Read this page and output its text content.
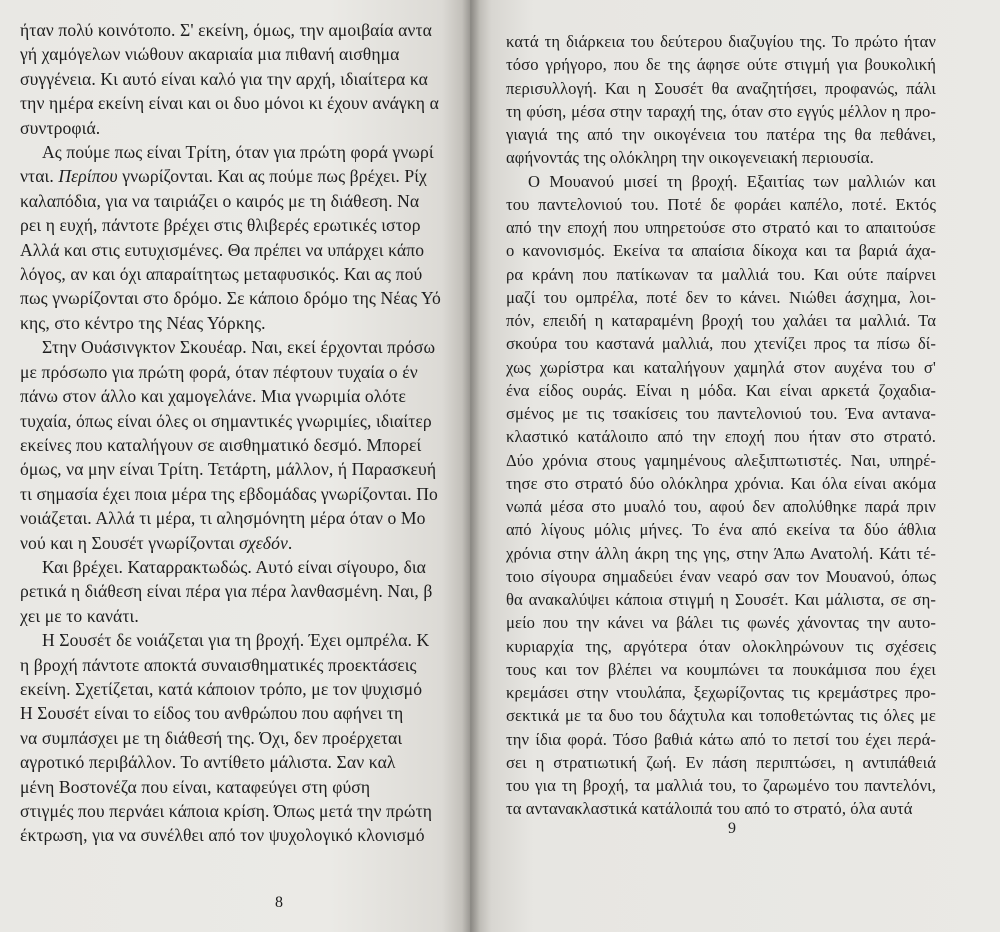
ήταν πολύ κοινότοπο. Σ' εκείνη, όμως, την αμοιβαία αντα
γή χαμόγελων νιώθουν ακαριαία μια πιθανή αισθημα
συγγένεια. Κι αυτό είναι καλό για την αρχή, ιδιαίτερα κα
την ημέρα εκείνη είναι και οι δυο μόνοι κι έχουν ανάγκη α
συντροφιά.
Ας πούμε πως είναι Τρίτη, όταν για πρώτη φορά γνωρί
νται. Περίπου γνωρίζονται. Και ας πούμε πως βρέχει. Ρίχ
καλαπόδια, για να ταιριάζει ο καιρός με τη διάθεση. Να
ρει η ευχή, πάντοτε βρέχει στις θλιβερές ερωτικές ιστορ
Αλλά και στις ευτυχισμένες. Θα πρέπει να υπάρχει κάπο
λόγος, αν και όχι απαραίτητως μεταφυσικός. Και ας πού
πως γνωρίζονται στο δρόμο. Σε κάποιο δρόμο της Νέας Υό
κης, στο κέντρο της Νέας Υόρκης.
Στην Ουάσινγκτον Σκουέαρ. Ναι, εκεί έρχονται πρόσω
με πρόσωπο για πρώτη φορά, όταν πέφτουν τυχαία ο έν
πάνω στον άλλο και χαμογελάνε. Μια γνωριμία ολότε
τυχαία, όπως είναι όλες οι σημαντικές γνωριμίες, ιδιαίτερ
εκείνες που καταλήγουν σε αισθηματικό δεσμό. Μπορεί
όμως, να μην είναι Τρίτη. Τετάρτη, μάλλον, ή Παρασκευή
τι σημασία έχει ποια μέρα της εβδομάδας γνωρίζονται. Πο
νοιάζεται. Αλλά τι μέρα, τι αλησμόνητη μέρα όταν ο Μο
νού και η Σουσέτ γνωρίζονται σχεδόν.
Και βρέχει. Καταρρακτωδώς. Αυτό είναι σίγουρο, δια
ρετικά η διάθεση είναι πέρα για πέρα λανθασμένη. Ναι, β
χει με το κανάτι.
Η Σουσέτ δε νοιάζεται για τη βροχή. Έχει ομπρέλα. Κ
η βροχή πάντοτε αποκτά συναισθηματικές προεκτάσεις
εκείνη. Σχετίζεται, κατά κάποιον τρόπο, με τον ψυχισμό
Η Σουσέτ είναι το είδος του ανθρώπου που αφήνει τη
να συμπάσχει με τη διάθεσή της. Όχι, δεν προέρχεται
αγροτικό περιβάλλον. Το αντίθετο μάλιστα. Σαν καλ
μένη Βοστονέζα που είναι, καταφεύγει στη φύση
στιγμές που περνάει κάποια κρίση. Όπως μετά την πρώτη
έκτρωση, για να συνέλθει από τον ψυχολογικό κλονισμό
8
κατά τη διάρκεια του δεύτερου διαζυγίου της. Το πρώτο ήταν
τόσο γρήγορο, που δε της άφησε ούτε στιγμή για βουκολική
περισυλλογή. Και η Σουσέτ θα αναζητήσει, προφανώς, πάλι
τη φύση, μέσα στην ταραχή της, όταν στο εγγύς μέλλον η προ-
γιαγιά της από την οικογένεια του πατέρα της θα πεθάνει,
αφήνοντάς της ολόκληρη την οικογενειακή περιουσία.
Ο Μουανού μισεί τη βροχή. Εξαιτίας των μαλλιών και
του παντελονιού του. Ποτέ δε φοράει καπέλο, ποτέ. Εκτός
από την εποχή που υπηρετούσε στο στρατό και το απαιτούσε
ο κανονισμός. Εκείνα τα απαίσια δίκοχα και τα βαριά άχα-
ρα κράνη που πατίκωναν τα μαλλιά του. Και ούτε παίρνει
μαζί του ομπρέλα, ποτέ δεν το κάνει. Νιώθει άσχημα, λοι-
πόν, επειδή η καταραμένη βροχή του χαλάει τα μαλλιά. Τα
σκούρα του καστανά μαλλιά, που χτενίζει προς τα πίσω δί-
χως χωρίστρα και καταλήγουν χαμηλά στον αυχένα του σ'
ένα είδος ουράς. Είναι η μόδα. Και είναι αρκετά ζοχαδια-
σμένος με τις τσακίσεις του παντελονιού του. Ένα αντανα-
κλαστικό κατάλοιπο από την εποχή που ήταν στο στρατό.
Δύο χρόνια στους γαμημένους αλεξιπτωτιστές. Ναι, υπηρέ-
τησε στο στρατό δύο ολόκληρα χρόνια. Και όλα είναι ακόμα
νωπά μέσα στο μυαλό του, αφού δεν απολύθηκε παρά πριν
από λίγους μόλις μήνες. Το ένα από εκείνα τα δύο άθλια
χρόνια στην άλλη άκρη της γης, στην Άπω Ανατολή. Κάτι τέ-
τοιο σίγουρα σημαδεύει έναν νεαρό σαν τον Μουανού, όπως
θα ανακαλύψει κάποια στιγμή η Σουσέτ. Και μάλιστα, σε ση-
μείο που την κάνει να βάλει τις φωνές χάνοντας την αυτο-
κυριαρχία της, αργότερα όταν ολοκληρώνουν τις σχέσεις
τους και τον βλέπει να κουμπώνει τα πουκάμισα που έχει
κρεμάσει στην ντουλάπα, ξεχωρίζοντας τις κρεμάστρες προ-
σεκτικά με τα δυο του δάχτυλα και τοποθετώντας τις όλες με
την ίδια φορά. Τόσο βαθιά κάτω από το πετσί του έχει περά-
σει η στρατιωτική ζωή. Εν πάση περιπτώσει, η αντιπάθειά
του για τη βροχή, τα μαλλιά του, το ζαρωμένο του παντελόνι,
τα αντανακλαστικά κατάλοιπά του από το στρατό, όλα αυτά
9
